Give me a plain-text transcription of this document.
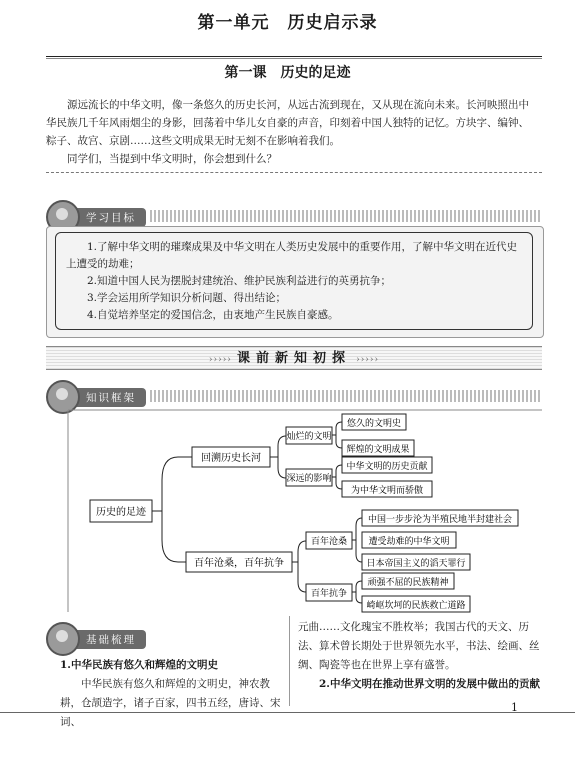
第一单元　历史启示录
第一课　历史的足迹

源远流长的中华文明，像一条悠久的历史长河，从远古流到现在，又从现在流向未来。长河映照出中华民族几千年风雨烟尘的身影，回荡着中华儿女自豪的声音，印刻着中国人独特的记忆。方块字、编钟、粽子、故宫、京剧……这些文明成果无时无刻不在影响着我们。

同学们，当提到中华文明时，你会想到什么？

学习目标
1.了解中华文明的璀璨成果及中华文明在人类历史发展中的重要作用，了解中华文明在近代史上遭受的劫难；
2.知道中国人民为摆脱封建统治、维护民族利益进行的英勇抗争；
3.学会运用所学知识分析问题、得出结论；
4.自觉培养坚定的爱国信念，由衷地产生民族自豪感。
››››› 课前新知初探 ›››››
知识框架
历史的足迹
回溯历史长河
灿烂的文明
悠久的文明史
辉煌的文明成果
深远的影响
中华文明的历史贡献
为中华文明而骄傲
百年沧桑，百年抗争
百年沧桑
中国一步步沦为半殖民地半封建社会
遭受劫难的中华文明
日本帝国主义的滔天罪行
百年抗争
顽强不屈的民族精神
崎岖坎坷的民族救亡道路
基础梳理

1.中华民族有悠久和辉煌的文明史

中华民族有悠久和辉煌的文明史，神农教耕，仓颉造字，诸子百家，四书五经，唐诗、宋词、

元曲……文化瑰宝不胜枚举；我国古代的天文、历法、算术曾长期处于世界领先水平，书法、绘画、丝绸、陶瓷等也在世界上享有盛誉。

2.中华文明在推动世界文明的发展中做出的贡献

1
